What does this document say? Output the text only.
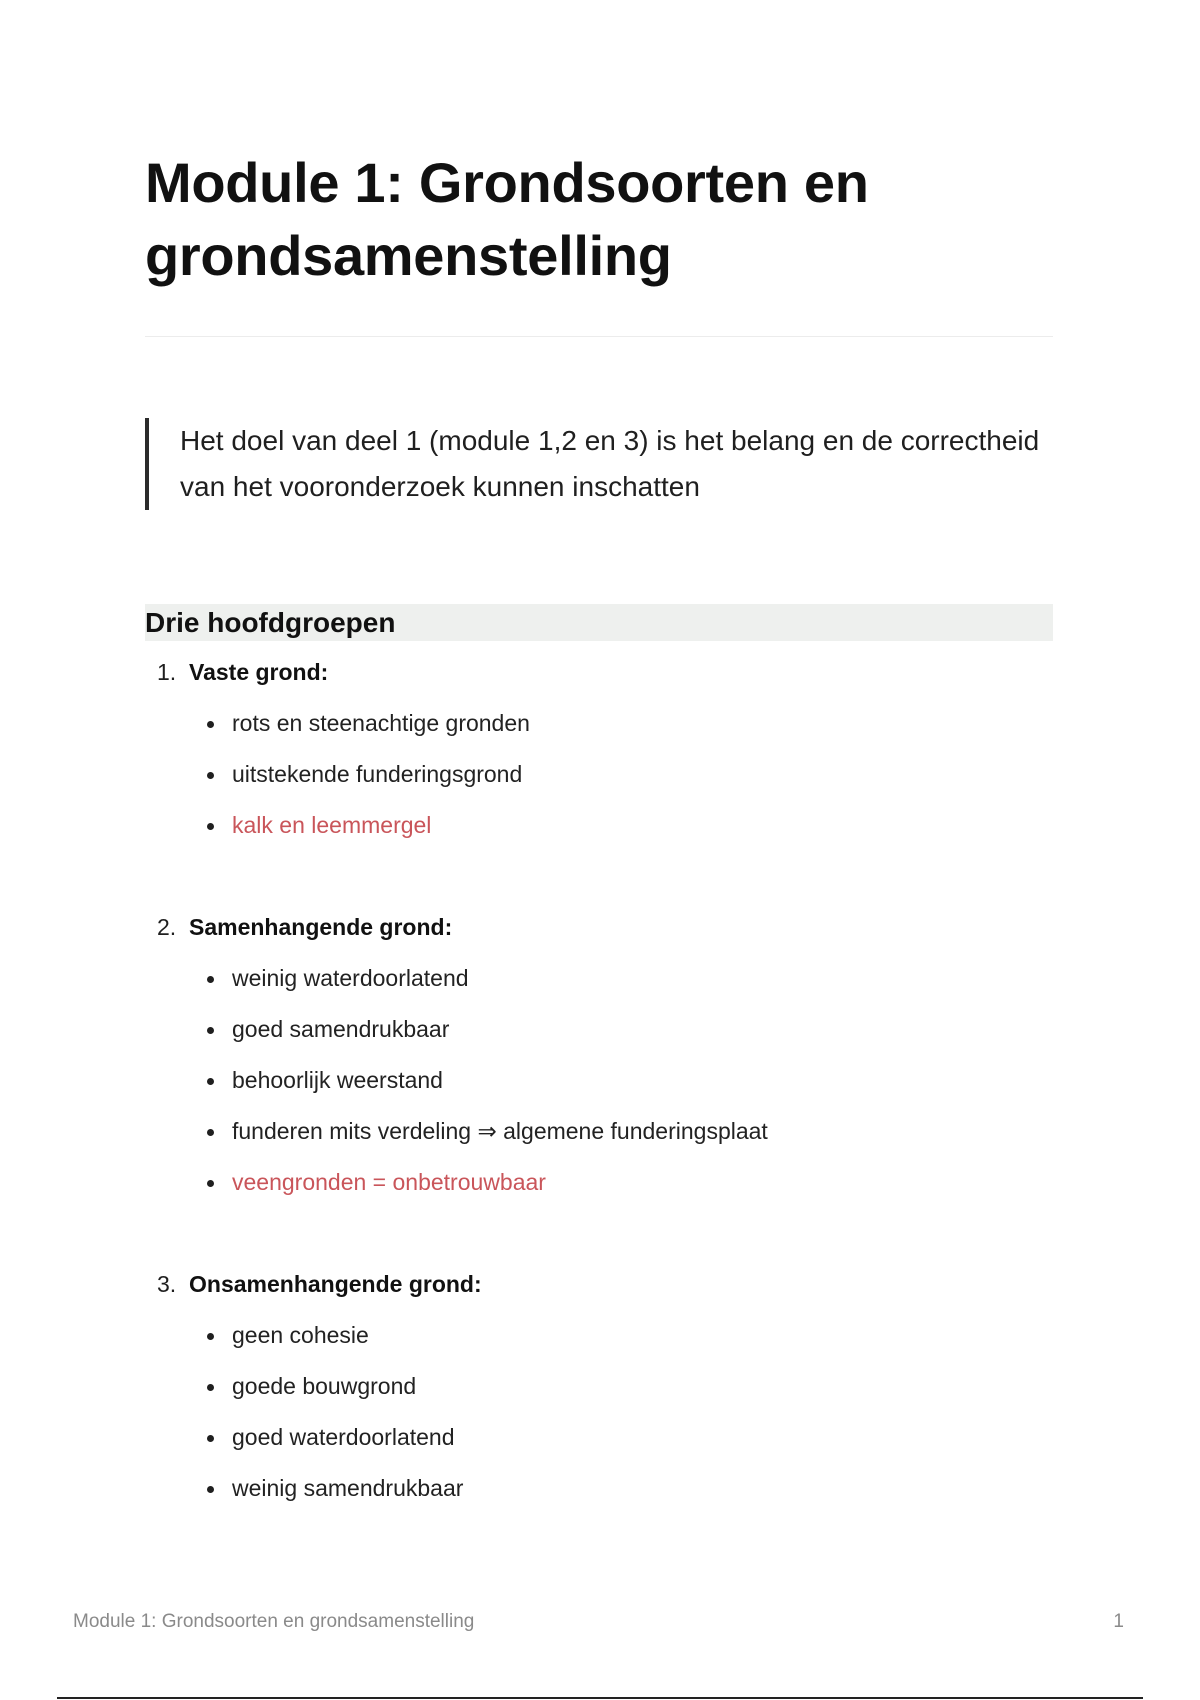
Module 1: Grondsoorten en grondsamenstelling
Het doel van deel 1 (module 1,2 en 3) is het belang en de correctheid van het vooronderzoek kunnen inschatten
Drie hoofdgroepen
1. Vaste grond:
rots en steenachtige gronden
uitstekende funderingsgrond
kalk en leemmergel
2. Samenhangende grond:
weinig waterdoorlatend
goed samendrukbaar
behoorlijk weerstand
funderen mits verdeling ⇒ algemene funderingsplaat
veengronden = onbetrouwbaar
3. Onsamenhangende grond:
geen cohesie
goede bouwgrond
goed waterdoorlatend
weinig samendrukbaar
Module 1: Grondsoorten en grondsamenstelling	1
